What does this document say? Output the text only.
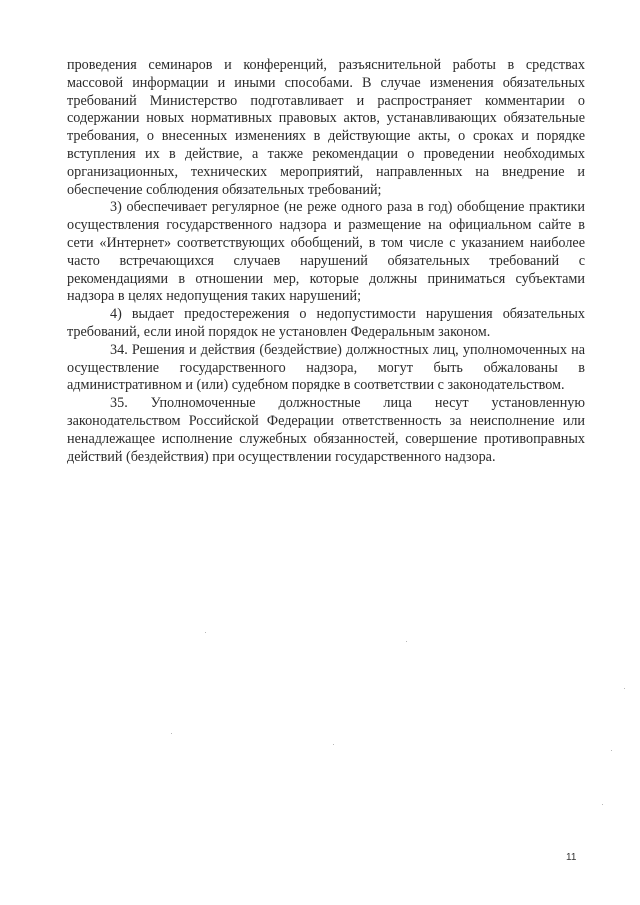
проведения семинаров и конференций, разъяснительной работы в средствах массовой информации и иными способами. В случае изменения обязательных требований Министерство подготавливает и распространяет комментарии о содержании новых нормативных правовых актов, устанавливающих обязательные требования, о внесенных изменениях в действующие акты, о сроках и порядке вступления их в действие, а также рекомендации о проведении необходимых организационных, технических мероприятий, направленных на внедрение и обеспечение соблюдения обязательных требований;

3) обеспечивает регулярное (не реже одного раза в год) обобщение практики осуществления государственного надзора и размещение на официальном сайте в сети «Интернет» соответствующих обобщений, в том числе с указанием наиболее часто встречающихся случаев нарушений обязательных требований с рекомендациями в отношении мер, которые должны приниматься субъектами надзора в целях недопущения таких нарушений;

4) выдает предостережения о недопустимости нарушения обязательных требований, если иной порядок не установлен Федеральным законом.

34. Решения и действия (бездействие) должностных лиц, уполномоченных на осуществление государственного надзора, могут быть обжалованы в административном и (или) судебном порядке в соответствии с законодательством.

35. Уполномоченные должностные лица несут установленную законодательством Российской Федерации ответственность за неисполнение или ненадлежащее исполнение служебных обязанностей, совершение противоправных действий (бездействия) при осуществлении государственного надзора.

11
